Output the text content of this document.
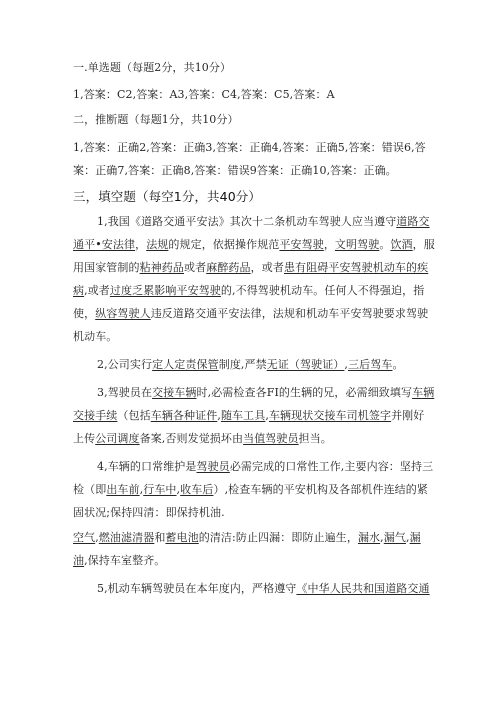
一.单选题（每题2分，共10分）
1,答案：C2,答案：A3,答案：C4,答案：C5,答案：A
二，推断题（每题1分，共10分）
1,答案：正确2,答案：正确3,答案：正确4,答案：正确5,答案：错误6,答
案：正确7,答案：正确8,答案：错误9答案：正确10,答案：正确。
三，填空题（每空1分，共40分）
1,我国《道路交通平安法》其次十二条机动车驾驶人应当遵守道路交
通平•安法律，法规的规定，依据操作规范平安驾驶，文明驾驶。饮酒，服
用国家管制的粘神药品或者麻醉药品，或者患有阻碍平安驾驶机动车的疾
病,或者过度乏累影响平安驾驶的,不得驾驶机动车。任何人不得强迫，指
使，纵容驾驶人违反道路交通平安法律，法规和机动车平安驾驶要求驾驶
机动车。
2,公司实行定人定责保管制度,严禁无证（驾驶证）,三后驾车。
3,驾驶员在交接车辆时,必需检查各FI的生辆的兄，必需细致填写车辆
交接手续（包括车辆各种证件,随车工具,车辆现状交接车司机签字并刚好
上传公司调度备案,否则发觉损坏由当值驾驶员担当。
4,车辆的口常维护是驾驶员必需完成的口常性工作,主要内容：坚持三
检（即出车前,行车中,收车后）,检查车辆的平安机构及各部机件连结的紧
固状况;保持四清：即保持机油.
空气,燃油滤清器和蓄电池的清洁:防止四漏：即防止遍生，漏水,漏气,漏
油,保持车室整齐。
5,机动车辆驾驶员在本年度内，严格遵守《中华人民共和国道路交通
